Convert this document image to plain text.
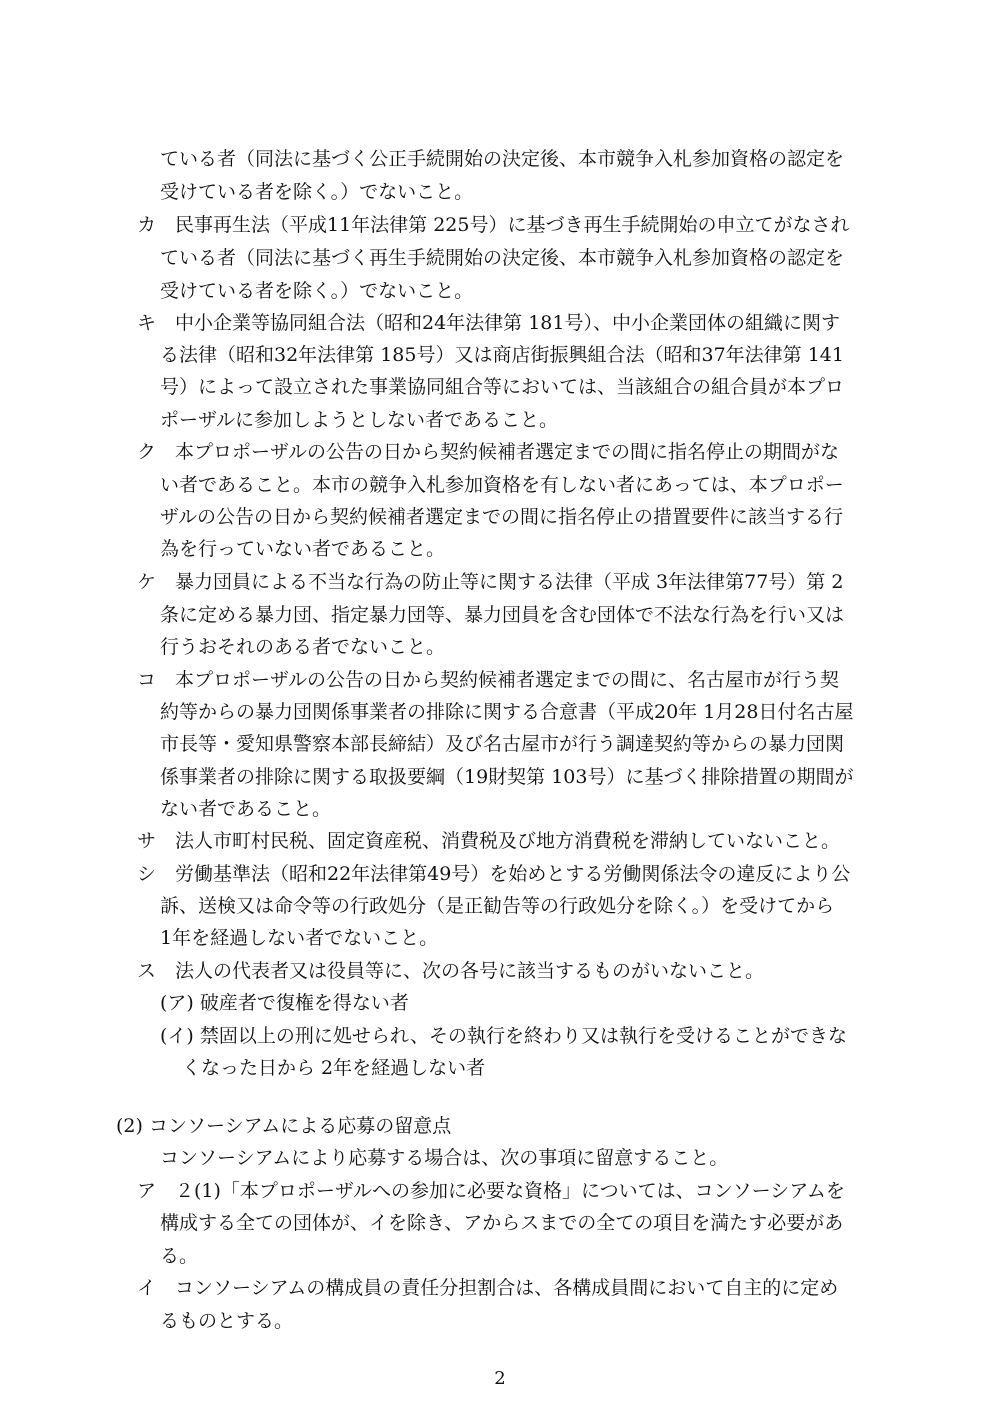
ている者（同法に基づく公正手続開始の決定後、本市競争入札参加資格の認定を
受けている者を除く。）でないこと。
カ　民事再生法（平成11年法律第 225号）に基づき再生手続開始の申立てがなされ
ている者（同法に基づく再生手続開始の決定後、本市競争入札参加資格の認定を
受けている者を除く。）でないこと。
キ　中小企業等協同組合法（昭和24年法律第 181号）、中小企業団体の組織に関す
る法律（昭和32年法律第 185号）又は商店街振興組合法（昭和37年法律第 141
号）によって設立された事業協同組合等においては、当該組合の組合員が本プロ
ポーザルに参加しようとしない者であること。
ク　本プロポーザルの公告の日から契約候補者選定までの間に指名停止の期間がな
い者であること。本市の競争入札参加資格を有しない者にあっては、本プロポー
ザルの公告の日から契約候補者選定までの間に指名停止の措置要件に該当する行
為を行っていない者であること。
ケ　暴力団員による不当な行為の防止等に関する法律（平成 3年法律第77号）第 2
条に定める暴力団、指定暴力団等、暴力団員を含む団体で不法な行為を行い又は
行うおそれのある者でないこと。
コ　本プロポーザルの公告の日から契約候補者選定までの間に、名古屋市が行う契
約等からの暴力団関係事業者の排除に関する合意書（平成20年 1月28日付名古屋
市長等・愛知県警察本部長締結）及び名古屋市が行う調達契約等からの暴力団関
係事業者の排除に関する取扱要綱（19財契第 103号）に基づく排除措置の期間が
ない者であること。
サ　法人市町村民税、固定資産税、消費税及び地方消費税を滞納していないこと。
シ　労働基準法（昭和22年法律第49号）を始めとする労働関係法令の違反により公
訴、送検又は命令等の行政処分（是正勧告等の行政処分を除く。）を受けてから
1年を経過しない者でないこと。
ス　法人の代表者又は役員等に、次の各号に該当するものがいないこと。
(ア) 破産者で復権を得ない者
(イ) 禁固以上の刑に処せられ、その執行を終わり又は執行を受けることができな
くなった日から 2年を経過しない者
(2) コンソーシアムによる応募の留意点
コンソーシアムにより応募する場合は、次の事項に留意すること。
ア　２(1)「本プロポーザルへの参加に必要な資格」については、コンソーシアムを
構成する全ての団体が、イを除き、アからスまでの全ての項目を満たす必要があ
る。
イ　コンソーシアムの構成員の責任分担割合は、各構成員間において自主的に定め
るものとする。
2
